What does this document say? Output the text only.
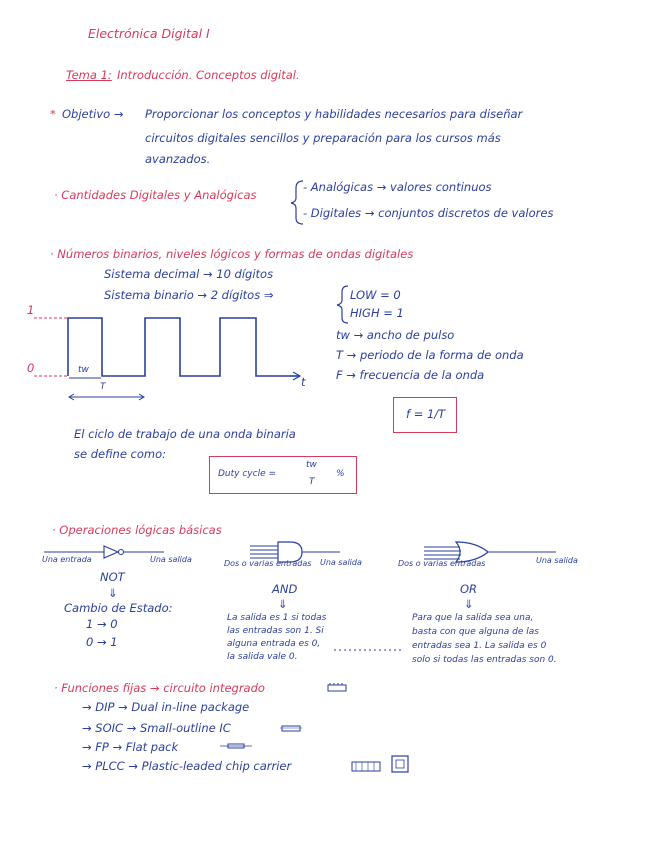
Electrónica Digital I
Tema 1: Introducción. Conceptos digital.
* Objetivo → Proporcionar los conceptos y habilidades necesarios para diseñar
circuitos digitales sencillos y preparación para los cursos más
avanzados.
· Cantidades Digitales y Analógicas
- Analógicas → valores continuos
- Digitales → conjuntos discretos de valores
· Números binarios, niveles lógicos y formas de ondas digitales
Sistema decimal → 10 dígitos
Sistema binario → 2 dígitos ⇒	LOW = 0
HIGH = 1
1
0	tw
T	t
tw → ancho de pulso
T → periodo de la forma de onda
F → frecuencia de la onda
f = 1/T
El ciclo de trabajo de una onda binaria
se define como:
Duty cycle =
tw
T
%
· Operaciones lógicas básicas
Una entrada	Una salida
NOT
⇓
Cambio de Estado:
1 → 0
0 → 1
Dos o varias entradas Una salida
AND
⇓
La salida es 1 si todas
las entradas son 1. Si
alguna entrada es 0,
la salida vale 0.
Dos o varias entradas	Una salida
OR
⇓
Para que la salida sea una,
basta con que alguna de las
entradas sea 1. La salida es 0
solo si todas las entradas son 0.
· Funciones fijas → circuito integrado
→ DIP → Dual in-line package
→ SOIC → Small-outline IC
→ FP → Flat pack
→ PLCC → Plastic-leaded chip carrier
